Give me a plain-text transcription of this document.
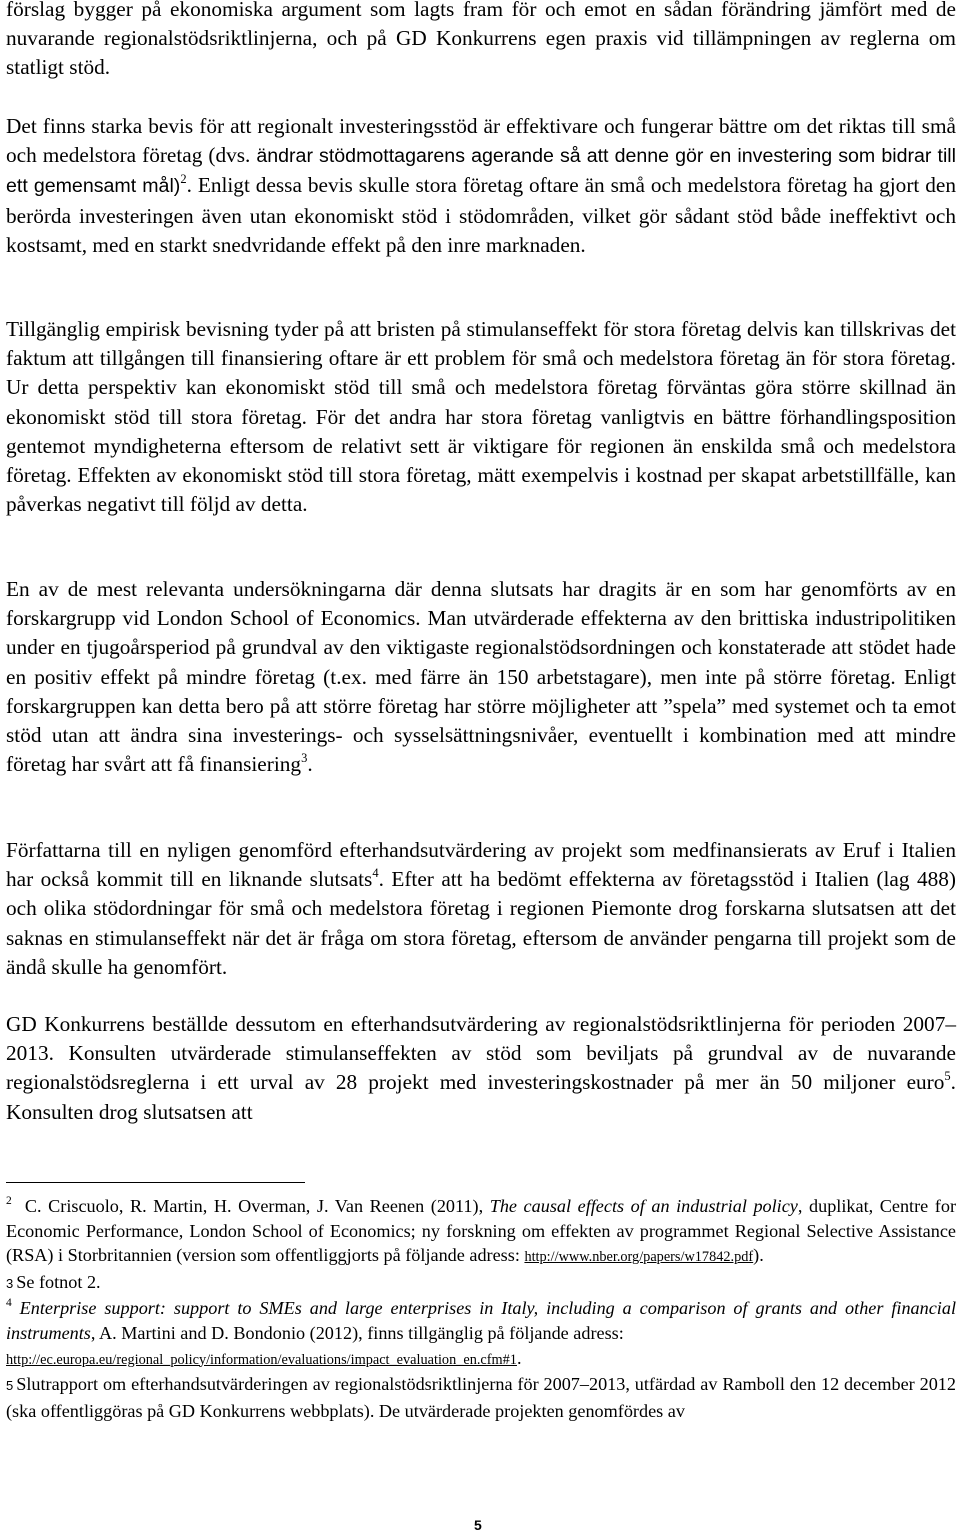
förslag bygger på ekonomiska argument som lagts fram för och emot en sådan förändring jämfört med de nuvarande regionalstödsriktlinjerna, och på GD Konkurrens egen praxis vid tillämpningen av reglerna om statligt stöd.

Det finns starka bevis för att regionalt investeringsstöd är effektivare och fungerar bättre om det riktas till små och medelstora företag (dvs. ändrar stödmottagarens agerande så att denne gör en investering som bidrar till ett gemensamt mål)$^2$. Enligt dessa bevis skulle stora företag oftare än små och medelstora företag ha gjort den berörda investeringen även utan ekonomiskt stöd i stödområden, vilket gör sådant stöd både ineffektivt och kostsamt, med en starkt snedvridande effekt på den inre marknaden.

Tillgänglig empirisk bevisning tyder på att bristen på stimulanseffekt för stora företag delvis kan tillskrivas det faktum att tillgången till finansiering oftare är ett problem för små och medelstora företag än för stora företag. Ur detta perspektiv kan ekonomiskt stöd till små och medelstora företag förväntas göra större skillnad än ekonomiskt stöd till stora företag. För det andra har stora företag vanligtvis en bättre förhandlingsposition gentemot myndigheterna eftersom de relativt sett är viktigare för regionen än enskilda små och medelstora företag. Effekten av ekonomiskt stöd till stora företag, mätt exempelvis i kostnad per skapat arbetstillfälle, kan påverkas negativt till följd av detta.

En av de mest relevanta undersökningarna där denna slutsats har dragits är en som har genomförts av en forskargrupp vid London School of Economics. Man utvärderade effekterna av den brittiska industripolitiken under en tjugoårsperiod på grundval av den viktigaste regionalstödsordningen och konstaterade att stödet hade en positiv effekt på mindre företag (t.ex. med färre än 150 arbetstagare), men inte på större företag. Enligt forskargruppen kan detta bero på att större företag har större möjligheter att ”spela” med systemet och ta emot stöd utan att ändra sina investerings- och sysselsättningsnivåer, eventuellt i kombination med att mindre företag har svårt att få finansiering$^3$.

Författarna till en nyligen genomförd efterhandsutvärdering av projekt som medfinansierats av Eruf i Italien har också kommit till en liknande slutsats$^4$. Efter att ha bedömt effekterna av företagsstöd i Italien (lag 488) och olika stödordningar för små och medelstora företag i regionen Piemonte drog forskarna slutsatsen att det saknas en stimulanseffekt när det är fråga om stora företag, eftersom de använder pengarna till projekt som de ändå skulle ha genomfört.

GD Konkurrens beställde dessutom en efterhandsutvärdering av regionalstödsriktlinjerna för perioden 2007–2013. Konsulten utvärderade stimulanseffekten av stöd som beviljats på grundval av de nuvarande regionalstödsreglerna i ett urval av 28 projekt med investeringskostnader på mer än 50 miljoner euro$^5$. Konsulten drog slutsatsen att

$^2$ C. Criscuolo, R. Martin, H. Overman, J. Van Reenen (2011), The causal effects of an industrial policy, duplikat, Centre for Economic Performance, London School of Economics; ny forskning om effekten av programmet Regional Selective Assistance (RSA) i Storbritannien (version som offentliggjorts på följande adress: http://www.nber.org/papers/w17842.pdf).

3 Se fotnot 2.

$^4$ Enterprise support: support to SMEs and large enterprises in Italy, including a comparison of grants and other financial instruments, A. Martini and D. Bondonio (2012), finns tillgänglig på följande adress:
http://ec.europa.eu/regional_policy/information/evaluations/impact_evaluation_en.cfm#1.

5 Slutrapport om efterhandsutvärderingen av regionalstödsriktlinjerna för 2007–2013, utfärdad av Ramboll den 12 december 2012 (ska offentliggöras på GD Konkurrens webbplats). De utvärderade projekten genomfördes av

5
